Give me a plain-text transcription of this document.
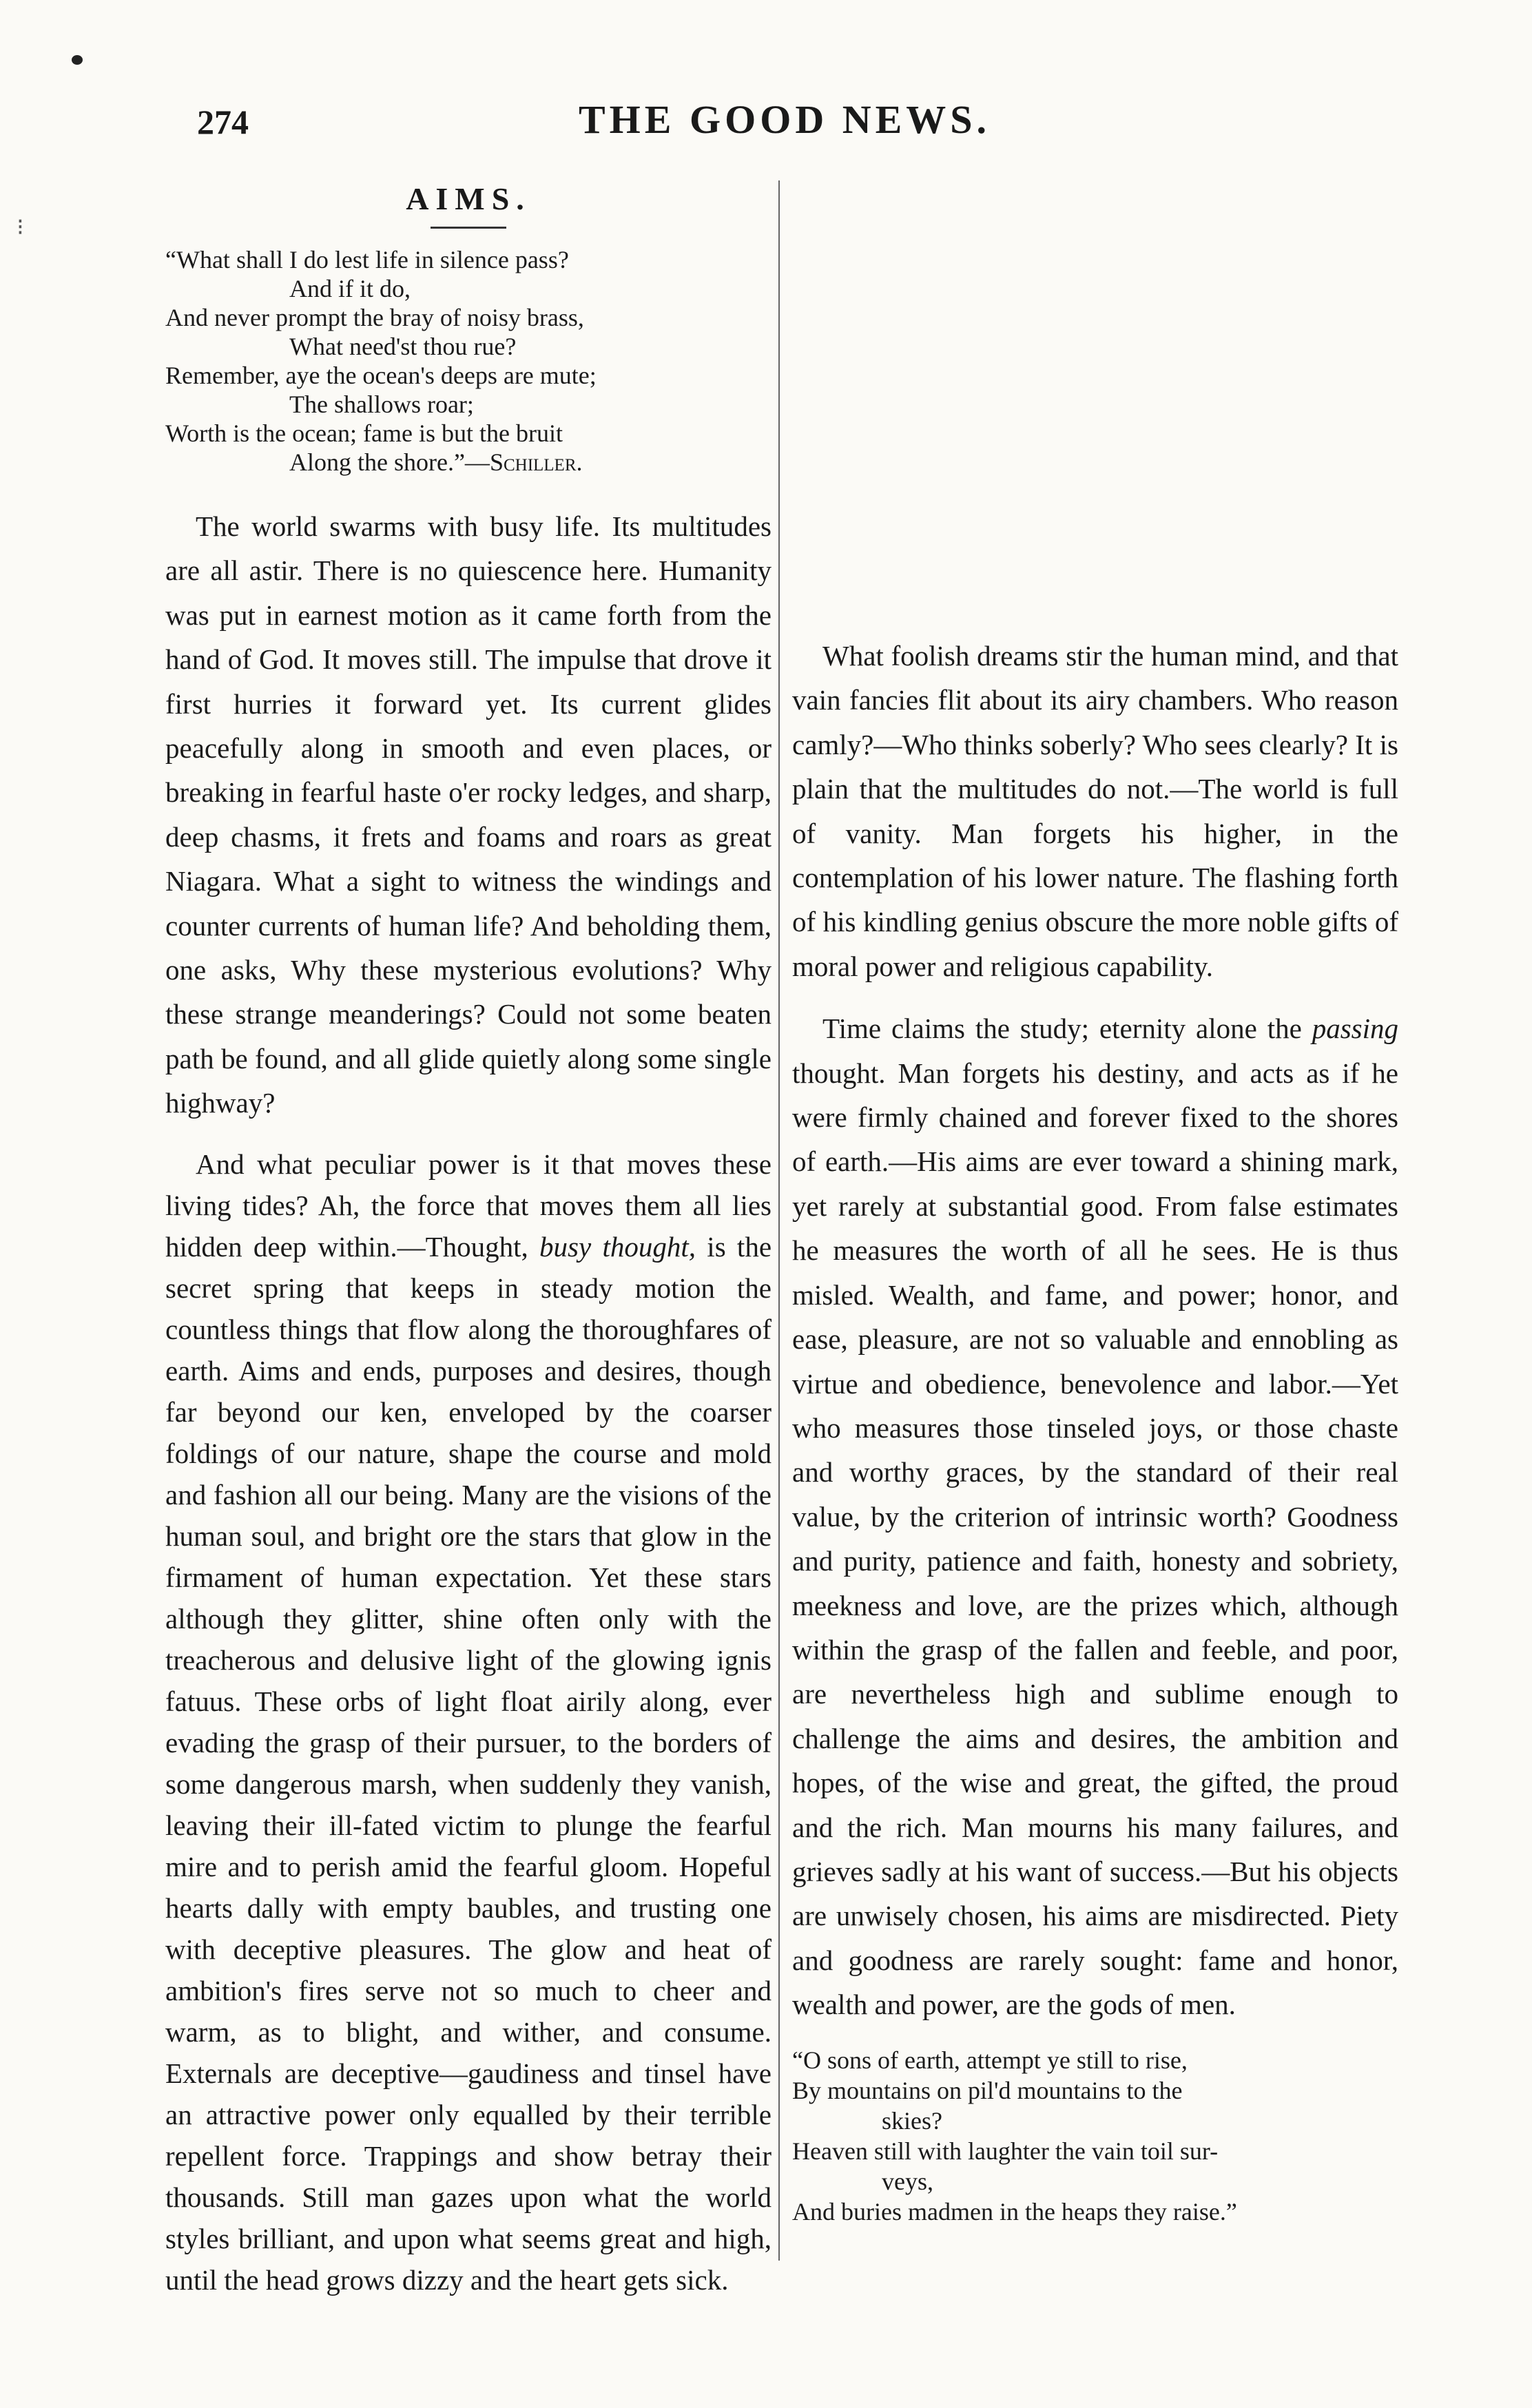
⁝
274	THE GOOD NEWS.
AIMS.
“What shall I do lest life in silence pass?
And if it do,
And never prompt the bray of noisy brass,
What need'st thou rue?
Remember, aye the ocean's deeps are mute;
The shallows roar;
Worth is the ocean; fame is but the bruit
Along the shore.”—Schiller.

The world swarms with busy life. Its multitudes are all astir. There is no quiescence here. Humanity was put in earnest motion as it came forth from the hand of God. It moves still. The impulse that drove it first hurries it forward yet. Its current glides peacefully along in smooth and even places, or breaking in fearful haste o'er rocky ledges, and sharp, deep chasms, it frets and foams and roars as great Niagara. What a sight to witness the windings and counter currents of human life? And beholding them, one asks, Why these mysterious evolutions? Why these strange meanderings? Could not some beaten path be found, and all glide quietly along some single highway?

And what peculiar power is it that moves these living tides? Ah, the force that moves them all lies hidden deep within.—Thought, busy thought, is the secret spring that keeps in steady motion the countless things that flow along the thoroughfares of earth. Aims and ends, purposes and desires, though far beyond our ken, enveloped by the coarser foldings of our nature, shape the course and mold and fashion all our being. Many are the visions of the human soul, and bright ore the stars that glow in the firmament of human expectation. Yet these stars although they glitter, shine often only with the treacherous and delusive light of the glowing ignis fatuus. These orbs of light float airily along, ever evading the grasp of their pursuer, to the borders of some dangerous marsh, when suddenly they vanish, leaving their ill-fated victim to plunge the fearful mire and to perish amid the fearful gloom. Hopeful hearts dally with empty baubles, and trusting one with deceptive pleasures. The glow and heat of ambition's fires serve not so much to cheer and warm, as to blight, and wither, and consume. Externals are deceptive—gaudiness and tinsel have an attractive power only equalled by their terrible repellent force. Trappings and show betray their thousands. Still man gazes upon what the world styles brilliant, and upon what seems great and high, until the head grows dizzy and the heart gets sick.

What foolish dreams stir the human mind, and that vain fancies flit about its airy chambers. Who reason camly?—Who thinks soberly? Who sees clearly? It is plain that the multitudes do not.—The world is full of vanity. Man forgets his higher, in the contemplation of his lower nature. The flashing forth of his kindling genius obscure the more noble gifts of moral power and religious capability.

Time claims the study; eternity alone the passing thought. Man forgets his destiny, and acts as if he were firmly chained and forever fixed to the shores of earth.—His aims are ever toward a shining mark, yet rarely at substantial good. From false estimates he measures the worth of all he sees. He is thus misled. Wealth, and fame, and power; honor, and ease, pleasure, are not so valuable and ennobling as virtue and obedience, benevolence and labor.—Yet who measures those tinseled joys, or those chaste and worthy graces, by the standard of their real value, by the criterion of intrinsic worth? Goodness and purity, patience and faith, honesty and sobriety, meekness and love, are the prizes which, although within the grasp of the fallen and feeble, and poor, are nevertheless high and sublime enough to challenge the aims and desires, the ambition and hopes, of the wise and great, the gifted, the proud and the rich. Man mourns his many failures, and grieves sadly at his want of success.—But his objects are unwisely chosen, his aims are misdirected. Piety and goodness are rarely sought: fame and honor, wealth and power, are the gods of men.

“O sons of earth, attempt ye still to rise,
By mountains on pil'd mountains to the
skies?
Heaven still with laughter the vain toil sur-
veys,
And buries madmen in the heaps they raise.”
